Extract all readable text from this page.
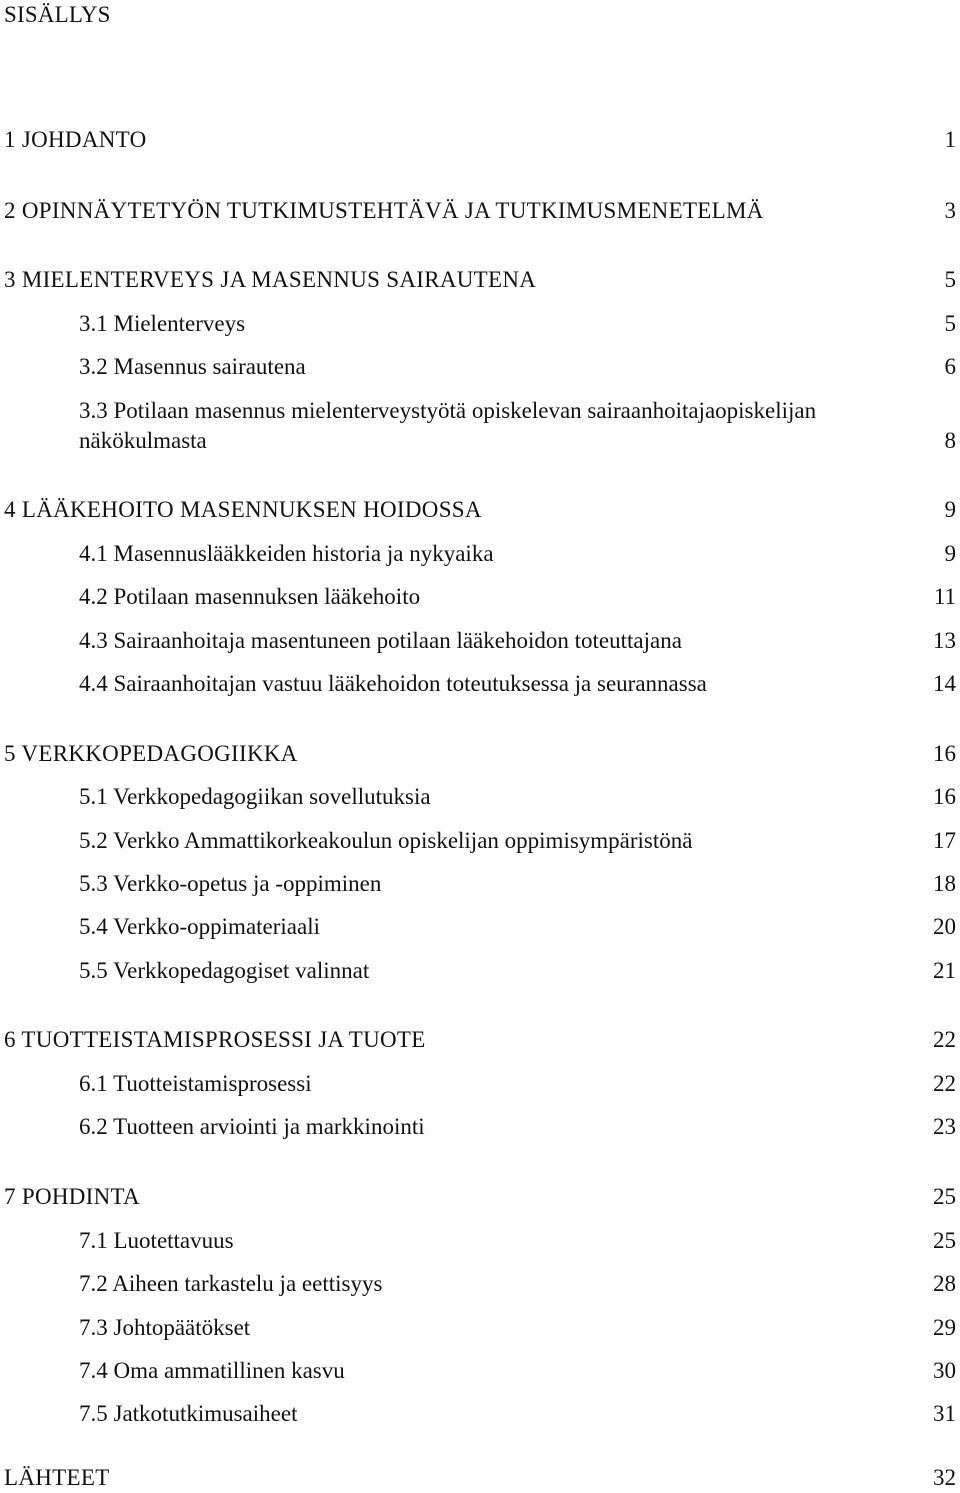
SISÄLLYS
1 JOHDANTO	1
2 OPINNÄYTETYÖN TUTKIMUSTEHTÄVÄ JA TUTKIMUSMENETELMÄ	3
3 MIELENTERVEYS JA MASENNUS SAIRAUTENA	5
3.1 Mielenterveys	5
3.2 Masennus sairautena	6
3.3 Potilaan masennus mielenterveystyötä opiskelevan sairaanhoitajaopiskelijan näkökulmasta	8
4 LÄÄKEHOITO MASENNUKSEN HOIDOSSA	9
4.1 Masennuslääkkeiden historia ja nykyaika	9
4.2 Potilaan masennuksen lääkehoito	11
4.3 Sairaanhoitaja masentuneen potilaan lääkehoidon toteuttajana	13
4.4 Sairaanhoitajan vastuu lääkehoidon toteutuksessa ja seurannassa	14
5 VERKKOPEDAGOGIIKKA	16
5.1 Verkkopedagogiikan sovellutuksia	16
5.2 Verkko Ammattikorkeakoulun opiskelijan oppimisympäristönä	17
5.3 Verkko-opetus ja -oppiminen	18
5.4 Verkko-oppimateriaali	20
5.5 Verkkopedagogiset valinnat	21
6 TUOTTEISTAMISPROSESSI JA TUOTE	22
6.1 Tuotteistamisprosessi	22
6.2 Tuotteen arviointi ja markkinointi	23
7 POHDINTA	25
7.1 Luotettavuus	25
7.2 Aiheen tarkastelu ja eettisyys	28
7.3 Johtopäätökset	29
7.4 Oma ammatillinen kasvu	30
7.5 Jatkotutkimusaiheet	31
LÄHTEET	32
